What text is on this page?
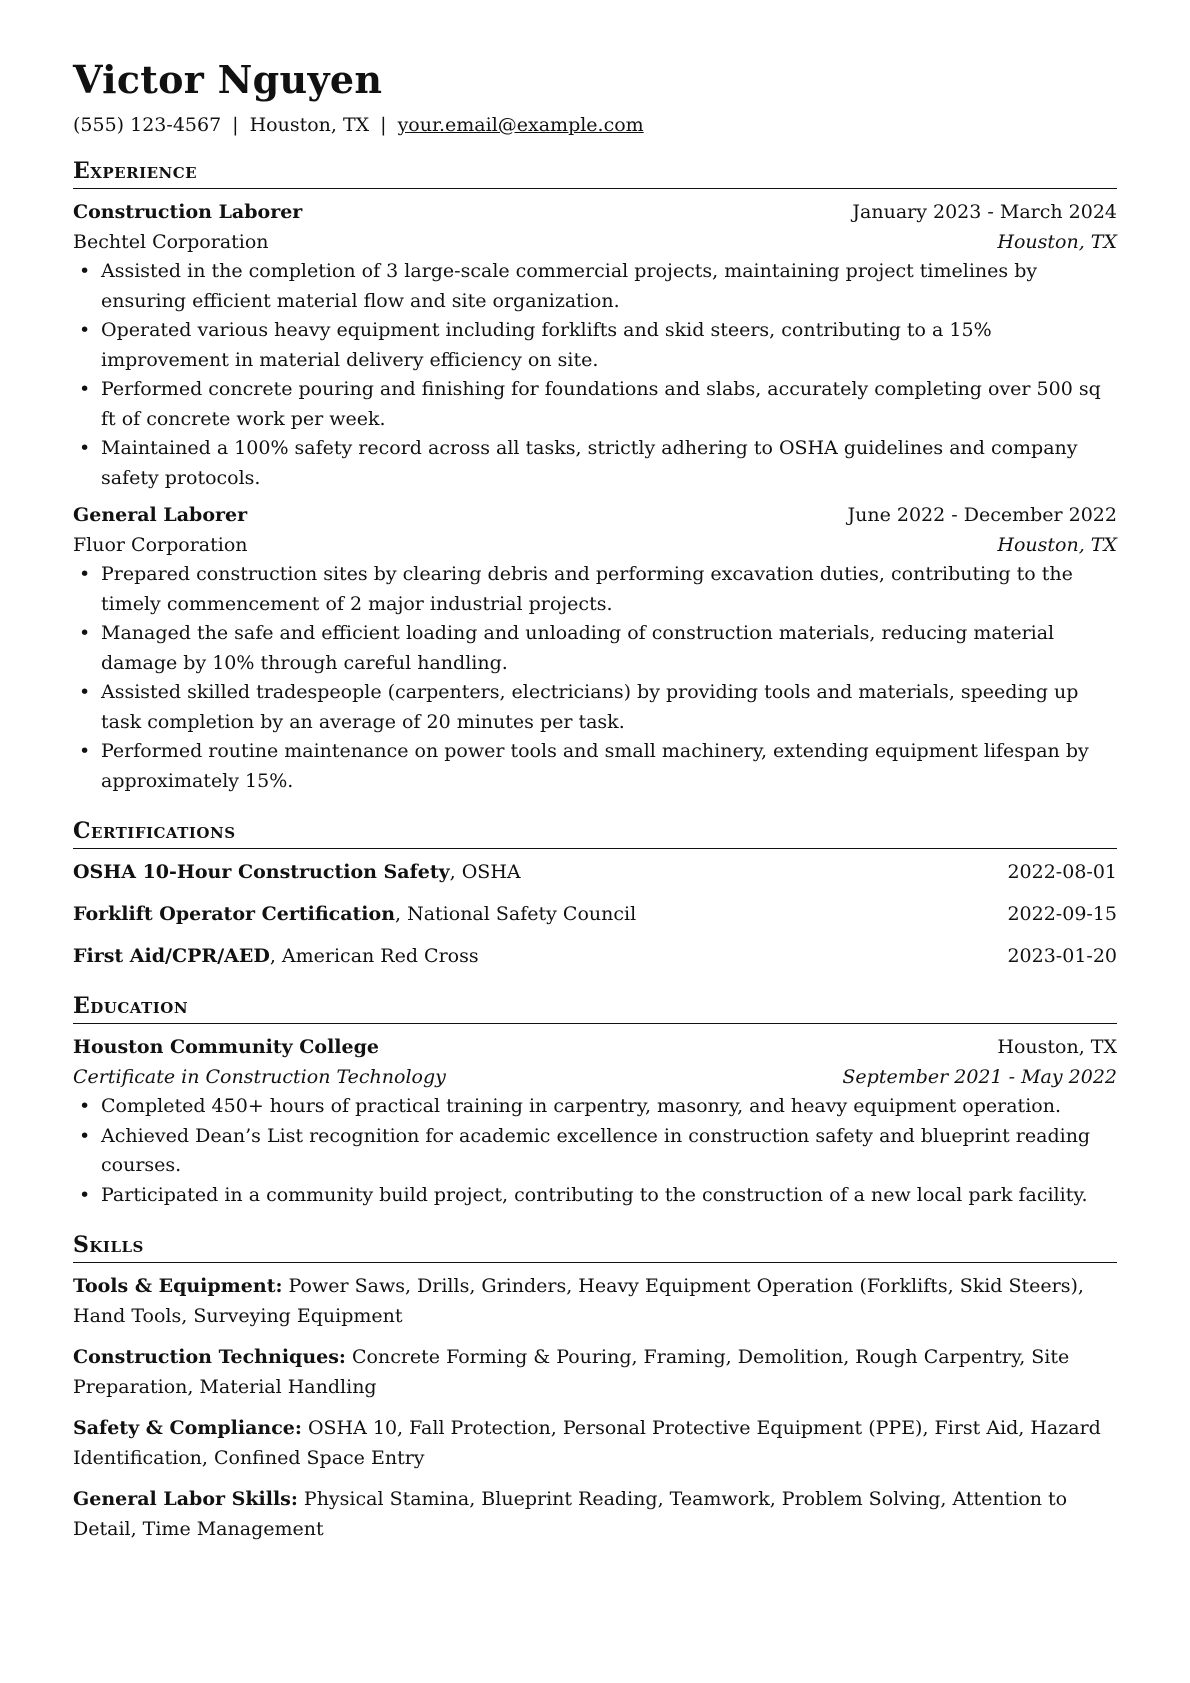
Victor Nguyen
(555) 123-4567 | Houston, TX | your.email@example.com
Experience
Construction Laborer	January 2023 - March 2024
Bechtel Corporation	Houston, TX
• Assisted in the completion of 3 large-scale commercial projects, maintaining project timelines by ensuring efficient material flow and site organization.
• Operated various heavy equipment including forklifts and skid steers, contributing to a 15% improvement in material delivery efficiency on site.
• Performed concrete pouring and finishing for foundations and slabs, accurately completing over 500 sq ft of concrete work per week.
• Maintained a 100% safety record across all tasks, strictly adhering to OSHA guidelines and company safety protocols.
General Laborer	June 2022 - December 2022
Fluor Corporation	Houston, TX
• Prepared construction sites by clearing debris and performing excavation duties, contributing to the timely commencement of 2 major industrial projects.
• Managed the safe and efficient loading and unloading of construction materials, reducing material damage by 10% through careful handling.
• Assisted skilled tradespeople (carpenters, electricians) by providing tools and materials, speeding up task completion by an average of 20 minutes per task.
• Performed routine maintenance on power tools and small machinery, extending equipment lifespan by approximately 15%.
Certifications
OSHA 10-Hour Construction Safety, OSHA	2022-08-01
Forklift Operator Certification, National Safety Council	2022-09-15
First Aid/CPR/AED, American Red Cross	2023-01-20
Education
Houston Community College	Houston, TX
Certificate in Construction Technology	September 2021 - May 2022
• Completed 450+ hours of practical training in carpentry, masonry, and heavy equipment operation.
• Achieved Dean’s List recognition for academic excellence in construction safety and blueprint reading courses.
• Participated in a community build project, contributing to the construction of a new local park facility.
Skills
Tools & Equipment: Power Saws, Drills, Grinders, Heavy Equipment Operation (Forklifts, Skid Steers), Hand Tools, Surveying Equipment
Construction Techniques: Concrete Forming & Pouring, Framing, Demolition, Rough Carpentry, Site Preparation, Material Handling
Safety & Compliance: OSHA 10, Fall Protection, Personal Protective Equipment (PPE), First Aid, Hazard Identification, Confined Space Entry
General Labor Skills: Physical Stamina, Blueprint Reading, Teamwork, Problem Solving, Attention to Detail, Time Management
